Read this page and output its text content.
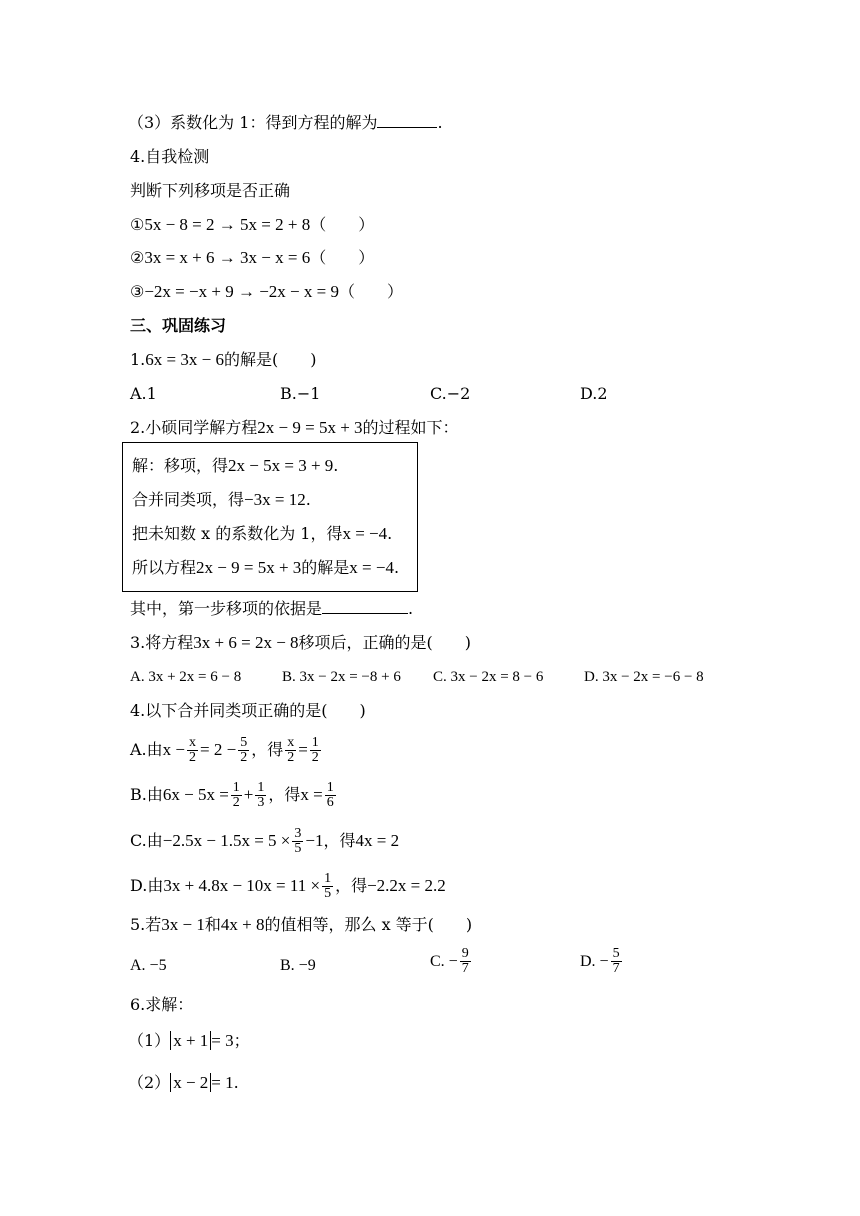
（3）系数化为 1：得到方程的解为	.
4.自我检测
判断下列移项是否正确
①5x − 8 = 2 → 5x = 2 + 8（　　）
②3x = x + 6 → 3x − x = 6（　　）
③−2x = −x + 9 → −2x − x = 9（　　）
三、巩固练习
1.6x = 3x − 6的解是(　　)
A.1	B.−1	C.−2	D.2
2.小硕同学解方程2x − 9 = 5x + 3的过程如下：
解：移项，得2x − 5x = 3 + 9.
合并同类项，得−3x = 12.
把未知数 x 的系数化为 1，得x = −4.
所以方程2x − 9 = 5x + 3的解是x = −4.
其中，第一步移项的依据是	.
3.将方程3x + 6 = 2x − 8移项后，正确的是(　　)
A. 3x + 2x = 6 − 8	B. 3x − 2x = −8 + 6 C. 3x − 2x = 8 − 6	D. 3x − 2x = −6 − 8
4.以下合并同类项正确的是(　　)
A.由$x - \frac{x}{2} = 2 - \frac{5}{2}$ ，得 $\frac{x}{2} = \frac{1}{2}$
B.由$6x - 5x = \frac{1}{2} + \frac{1}{3}$ ，得$x = \frac{1}{6}$
C.由$-2.5x - 1.5x = 5 \times \frac{3}{5} -1$，得4x = 2
D.由$3x + 4.8x - 10x = 11 \times \frac{1}{5}$ ，得−2.2x = 2.2
5.若3x − 1和4x + 8的值相等，那么 x 等于(　　)
A. −5	B. −9	C. − $\frac{9}{7}$	D. − $\frac{5}{7}$
6.求解：
（1） x + 1 = 3；
（2） x − 2 = 1.
